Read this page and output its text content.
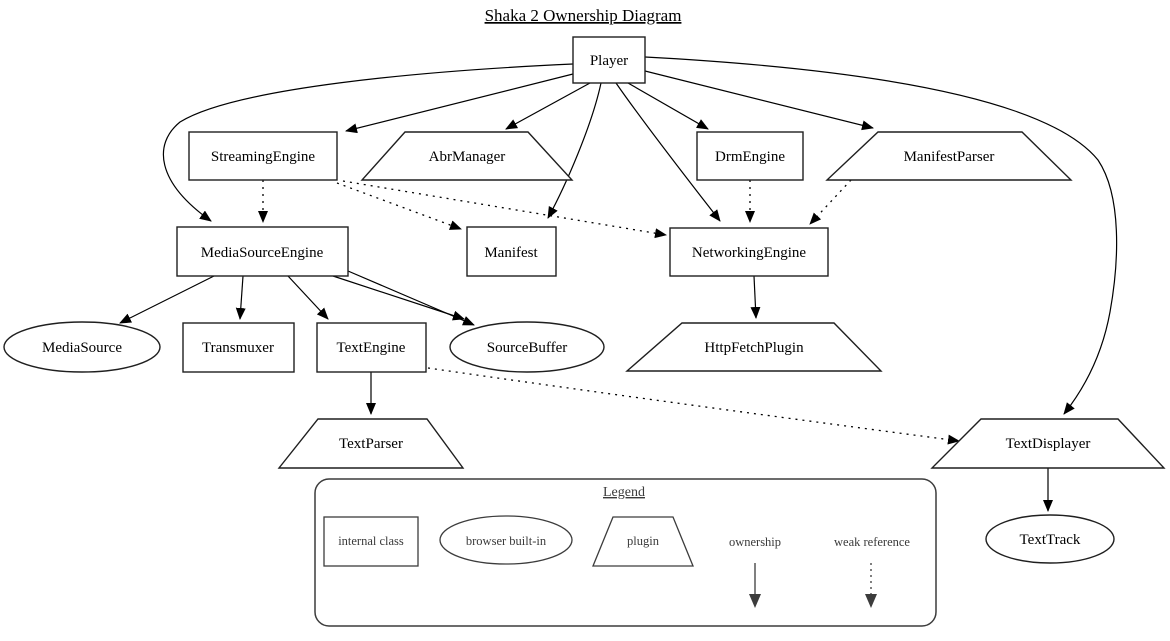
Shaka 2 Ownership Diagram
Player
StreamingEngine	AbrManager	DrmEngine	ManifestParser
MediaSourceEngine	Manifest	NetworkingEngine
MediaSource	Transmuxer	TextEngine	SourceBuffer	HttpFetchPlugin
TextParser	TextDisplayer
TextTrack
Legend
internal class	browser built-in	plugin	ownership	weak reference
